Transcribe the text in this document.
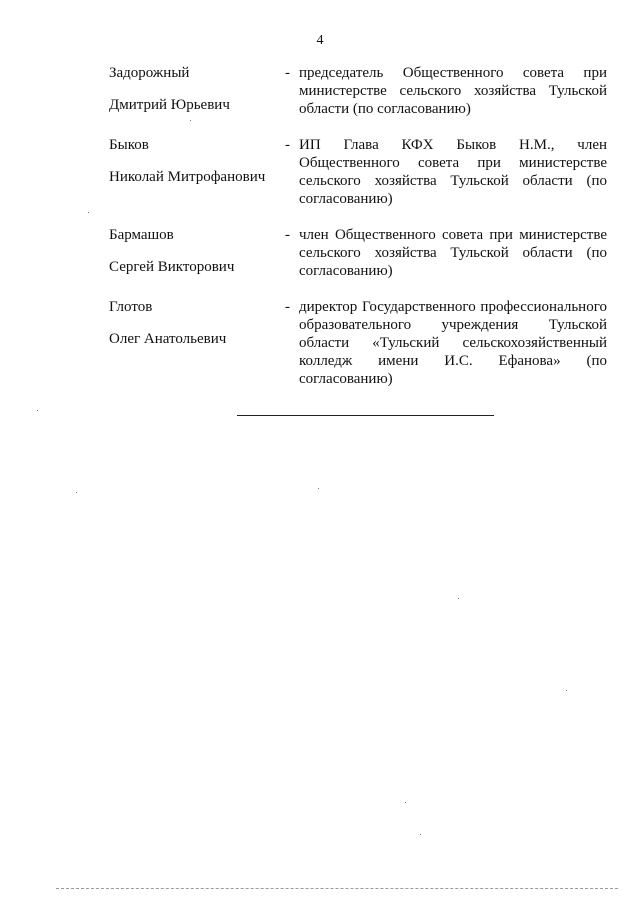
4
Задорожный
Дмитрий Юрьевич
- председатель Общественного совета при министерстве сельского хозяйства Тульской области (по согласованию)
Быков
Николай Митрофанович
- ИП Глава КФХ Быков Н.М., член Общественного совета при министерстве сельского хозяйства Тульской области (по согласованию)
Бармашов
Сергей Викторович
- член Общественного совета при министерстве сельского хозяйства Тульской области (по согласованию)
Глотов
Олег Анатольевич
- директор Государственного профессионального образовательного учреждения Тульской области «Тульский сельскохозяйственный колледж имени И.С. Ефанова» (по согласованию)
